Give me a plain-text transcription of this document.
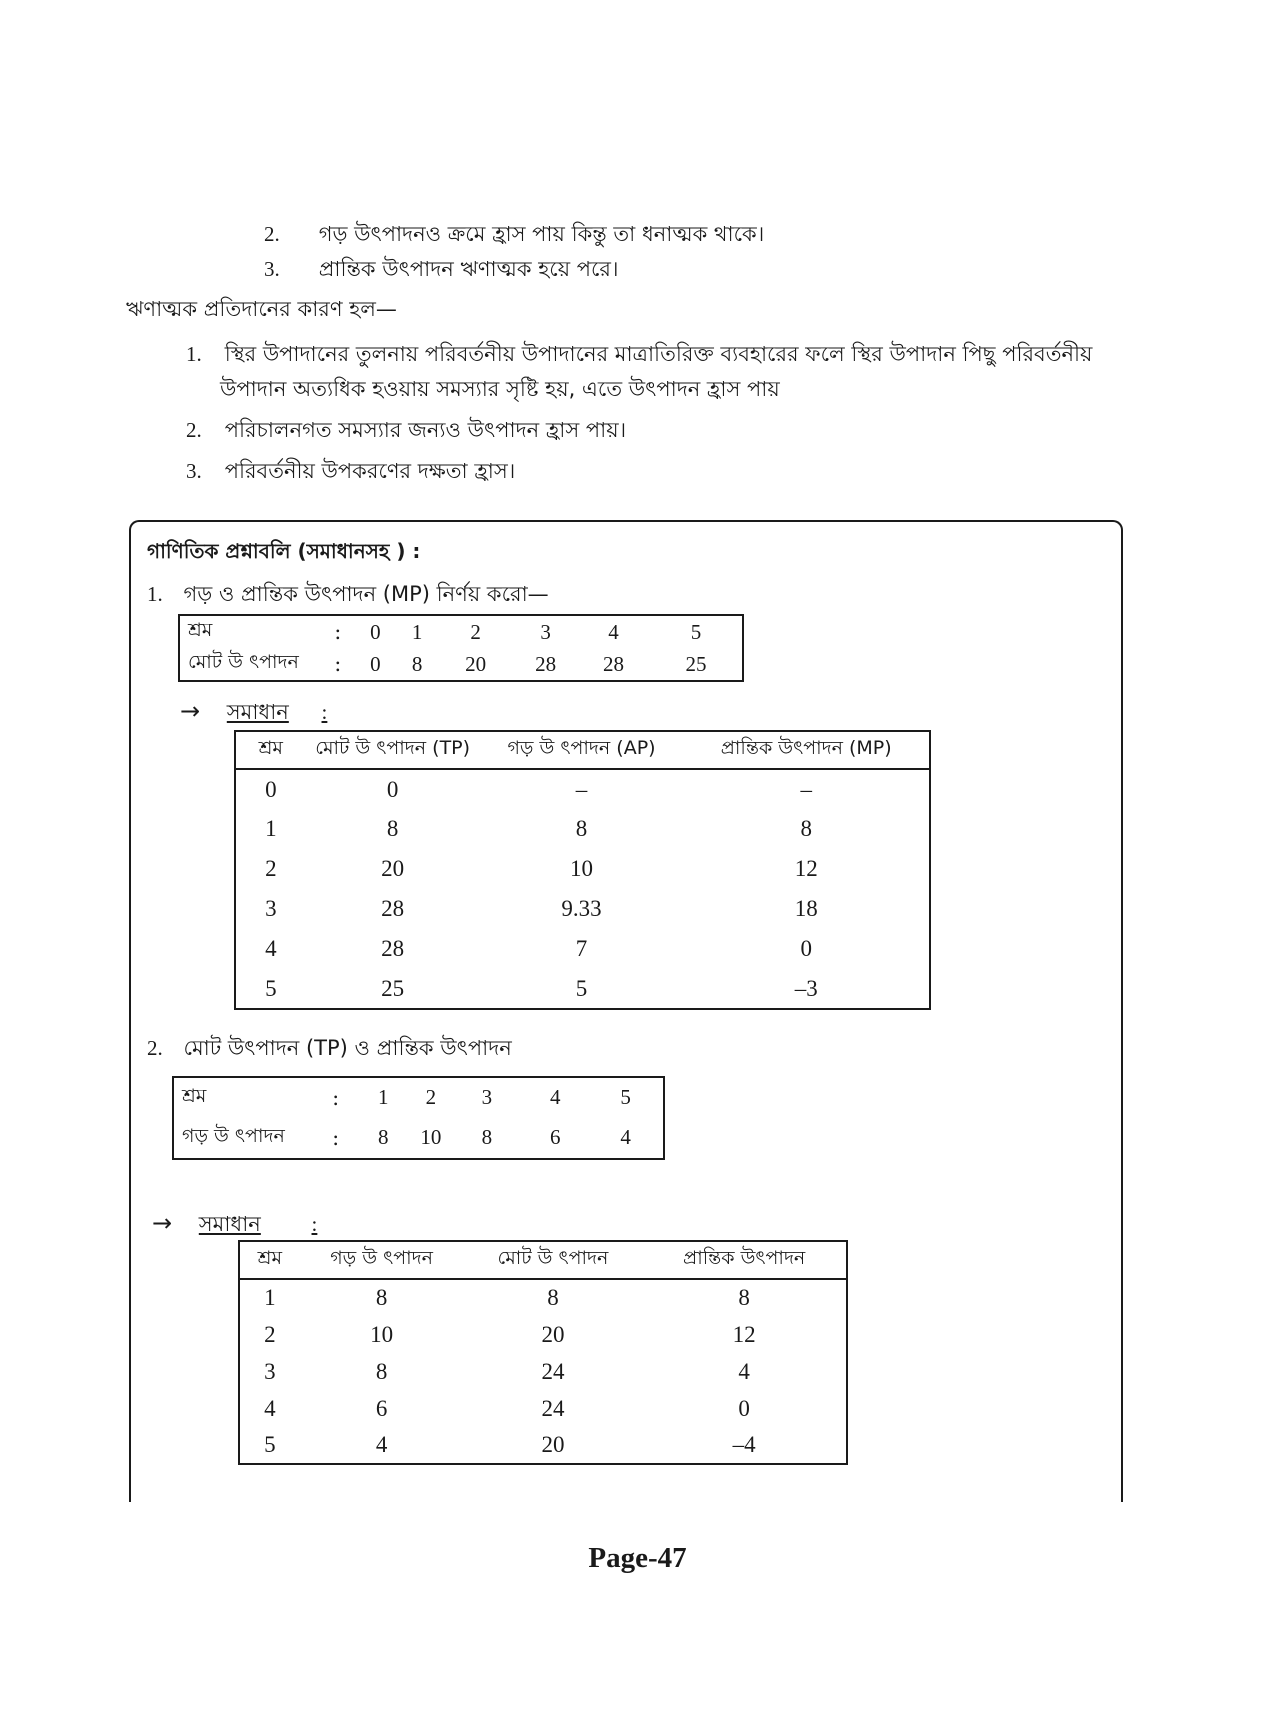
2. গড় উৎপাদনও ক্রমে হ্রাস পায় কিন্তু তা ধনাত্মক থাকে।
3. প্রান্তিক উৎপাদন ঋণাত্মক হয়ে পরে।
ঋণাত্মক প্রতিদানের কারণ হল—
1. স্থির উপাদানের তুলনায় পরিবর্তনীয় উপাদানের মাত্রাতিরিক্ত ব্যবহারের ফলে স্থির উপাদান পিছু পরিবর্তনীয়
উপাদান অত্যধিক হওয়ায় সমস্যার সৃষ্টি হয়, এতে উৎপাদন হ্রাস পায়
2. পরিচালনগত সমস্যার জন্যও উৎপাদন হ্রাস পায়।
3. পরিবর্তনীয় উপকরণের দক্ষতা হ্রাস।
গাণিতিক প্রশ্নাবলি (সমাধানসহ ) :
1. গড় ও প্রান্তিক উৎপাদন (MP) নির্ণয় করো—
শ্রম	:	0	1	2	3	4	5
মোট উ ৎপাদন	:	0	8	20	28	28	25
→ সমাধান :
শ্রম	মোট উ ৎপাদন (TP)	গড় উ ৎপাদন (AP)	প্রান্তিক উৎপাদন (MP)
0	0	–	–
1	8	8	8
2	20	10	12
3	28	9.33	18
4	28	7	0
5	25	5	–3
2. মোট উৎপাদন (TP) ও প্রান্তিক উৎপাদন
শ্রম	:	1	2	3	4	5
গড় উ ৎপাদন	:	8	10	8	6	4
→ সমাধান :
শ্রম	গড় উ ৎপাদন	মোট উ ৎপাদন	প্রান্তিক উৎপাদন
1	8	8	8
2	10	20	12
3	8	24	4
4	6	24	0
5	4	20	–4
Page-47
